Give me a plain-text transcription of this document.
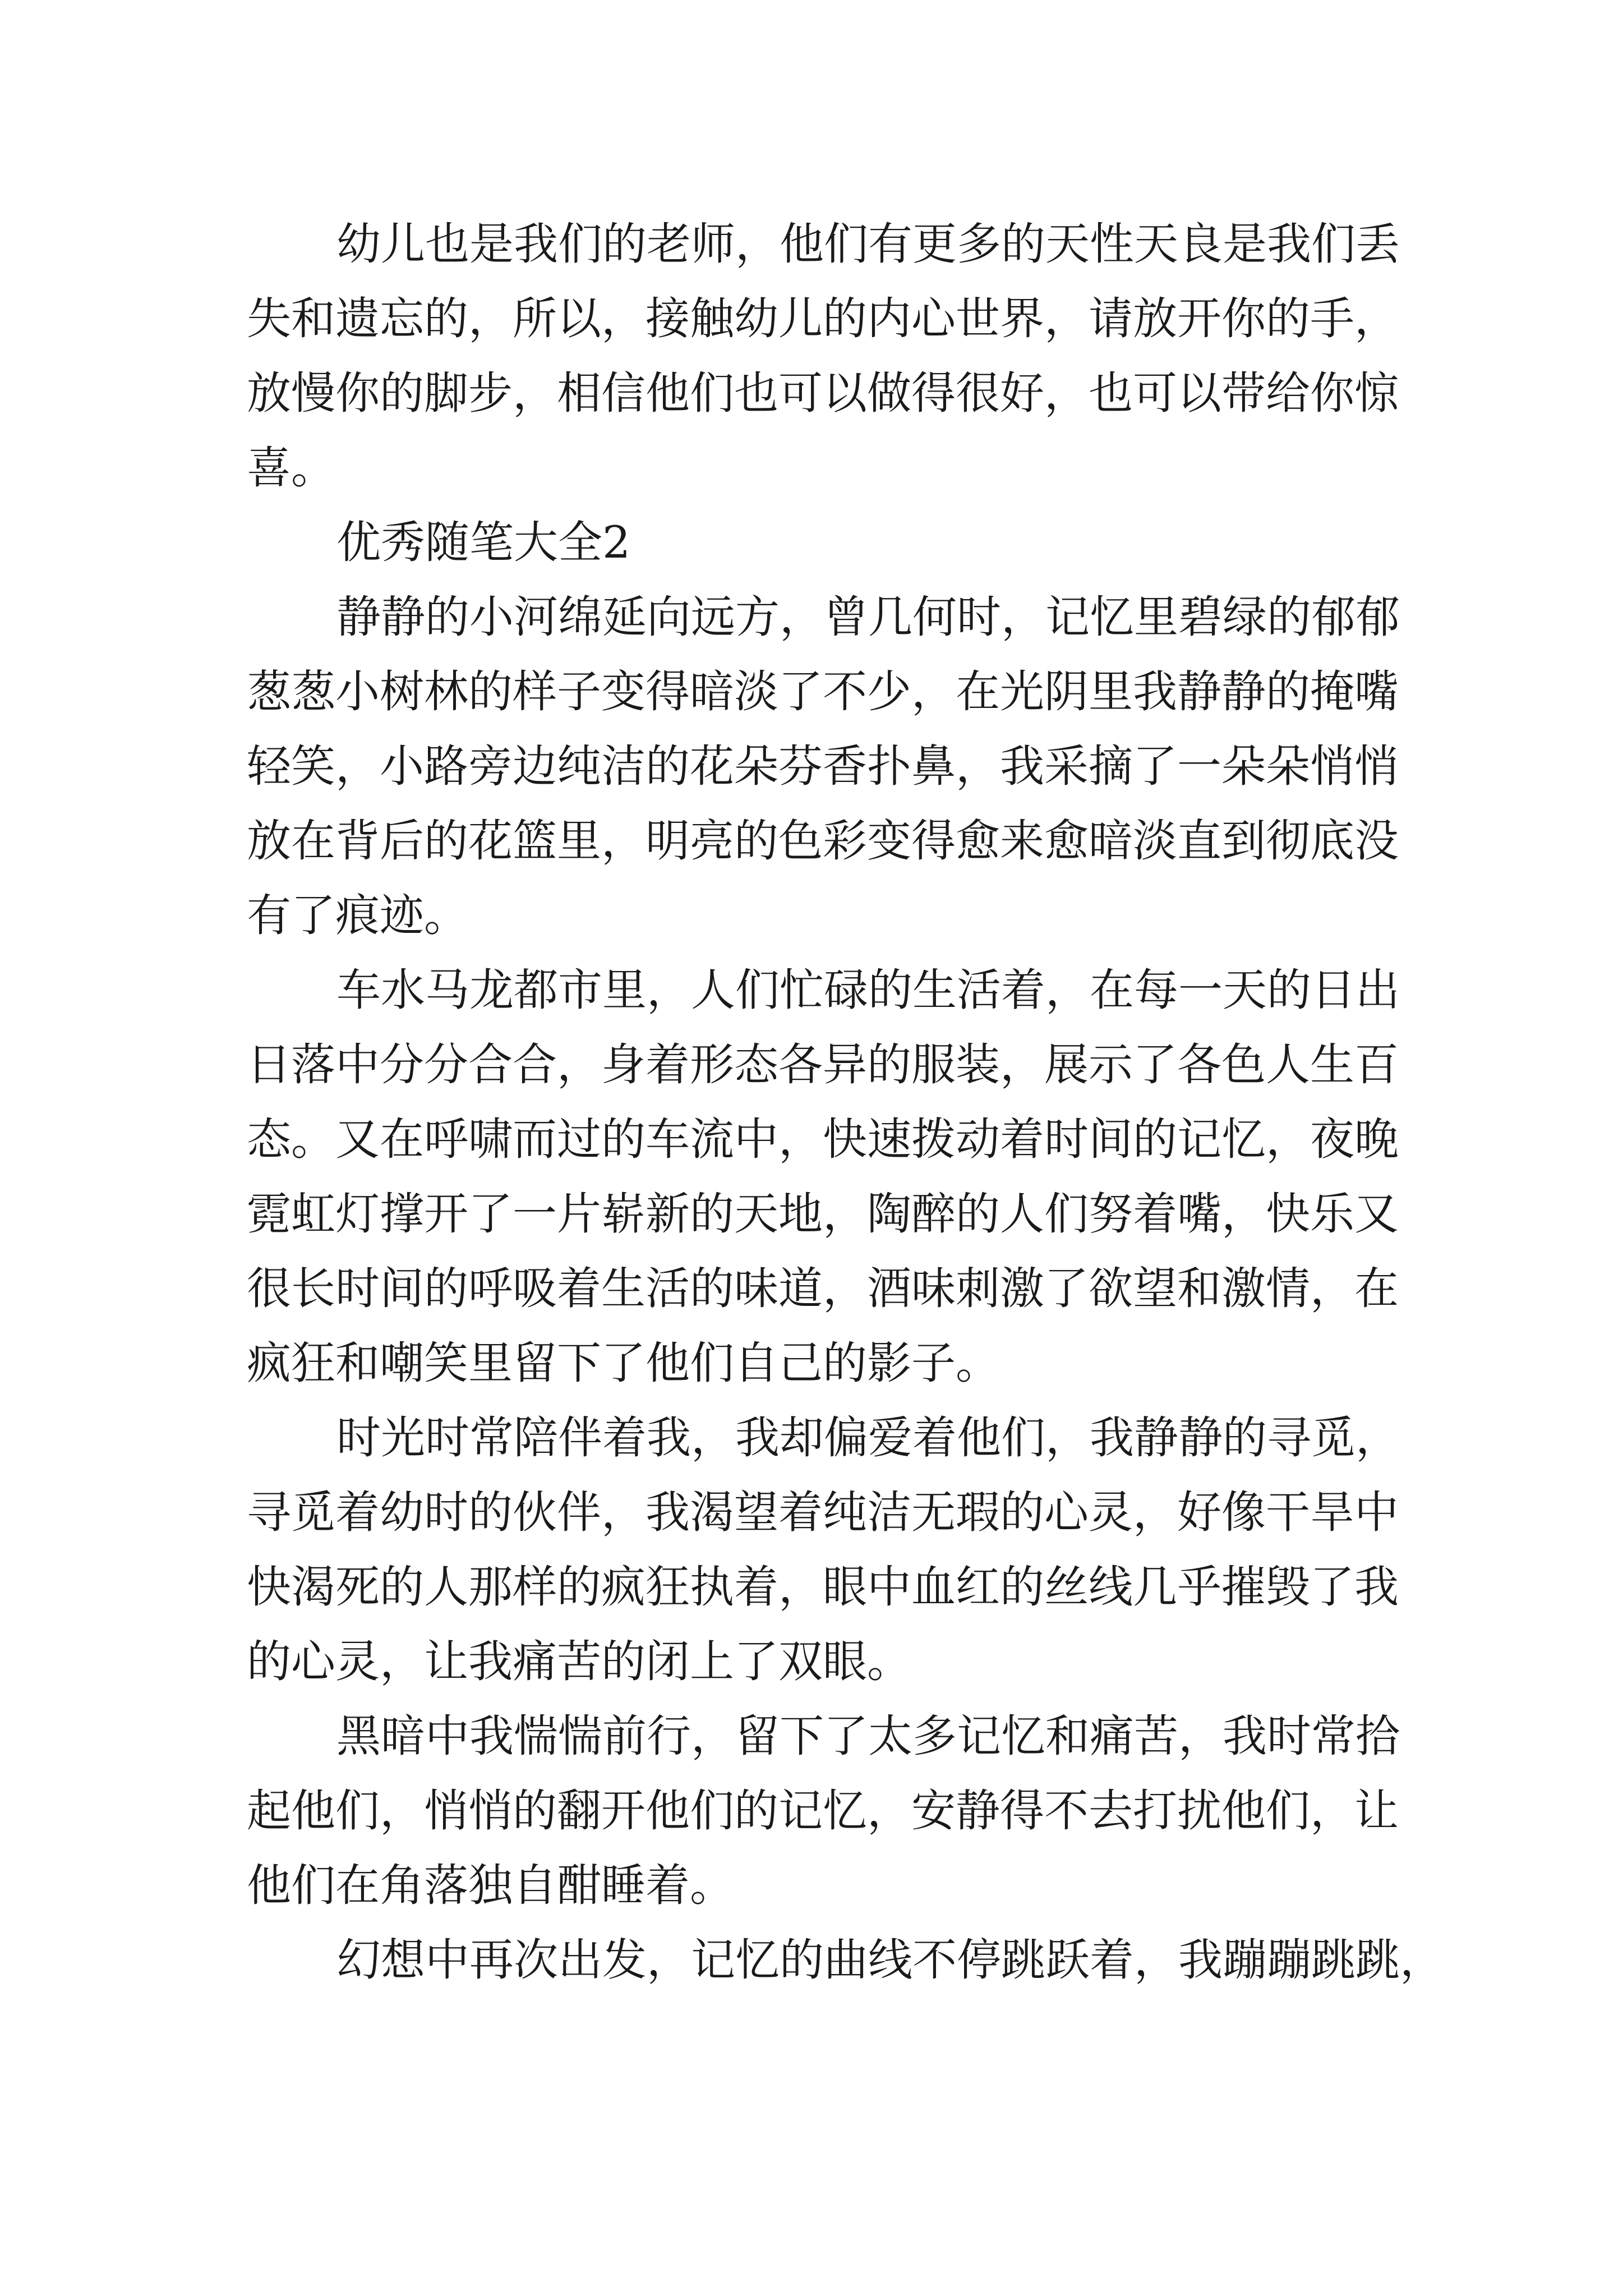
幼儿也是我们的老师，他们有更多的天性天良是我们丢

失和遗忘的，所以，接触幼儿的内心世界，请放开你的手，

放慢你的脚步，相信他们也可以做得很好，也可以带给你惊

喜。

优秀随笔大全2

静静的小河绵延向远方，曾几何时，记忆里碧绿的郁郁

葱葱小树林的样子变得暗淡了不少，在光阴里我静静的掩嘴

轻笑，小路旁边纯洁的花朵芬香扑鼻，我采摘了一朵朵悄悄

放在背后的花篮里，明亮的色彩变得愈来愈暗淡直到彻底没

有了痕迹。

车水马龙都市里，人们忙碌的生活着，在每一天的日出

日落中分分合合，身着形态各异的服装，展示了各色人生百

态。又在呼啸而过的车流中，快速拨动着时间的记忆，夜晚

霓虹灯撑开了一片崭新的天地，陶醉的人们努着嘴，快乐又

很长时间的呼吸着生活的味道，酒味刺激了欲望和激情，在

疯狂和嘲笑里留下了他们自己的影子。

时光时常陪伴着我，我却偏爱着他们，我静静的寻觅，

寻觅着幼时的伙伴，我渴望着纯洁无瑕的心灵，好像干旱中

快渴死的人那样的疯狂执着，眼中血红的丝线几乎摧毁了我

的心灵，让我痛苦的闭上了双眼。

黑暗中我惴惴前行，留下了太多记忆和痛苦，我时常拾

起他们，悄悄的翻开他们的记忆，安静得不去打扰他们，让

他们在角落独自酣睡着。

幻想中再次出发，记忆的曲线不停跳跃着，我蹦蹦跳跳，
